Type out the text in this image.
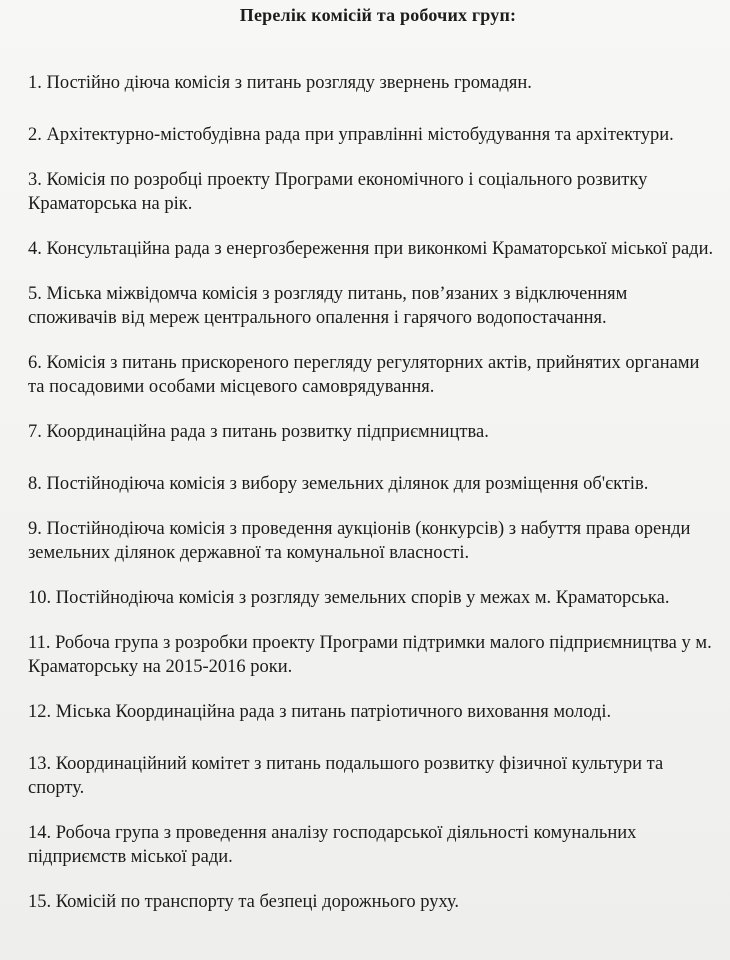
Перелік комісій та робочих груп:
1. Постійно діюча комісія з питань розгляду звернень громадян.
2. Архітектурно-містобудівна рада при управлінні містобудування та архітектури.
3. Комісія по розробці проекту Програми економічного і соціального розвитку Краматорська на рік.
4. Консультаційна рада з енергозбереження при виконкомі Краматорської міської ради.
5. Міська міжвідомча комісія з розгляду питань, пов’язаних з відключенням споживачів від мереж центрального опалення і гарячого водопостачання.
6. Комісія з питань прискореного перегляду регуляторних актів, прийнятих органами та посадовими особами місцевого самоврядування.
7. Координаційна рада з питань розвитку підприємництва.
8. Постійнодіюча комісія з вибору земельних ділянок для розміщення об'єктів.
9. Постійнодіюча комісія з проведення аукціонів (конкурсів) з набуття права оренди земельних ділянок державної та комунальної власності.
10. Постійнодіюча комісія з розгляду земельних спорів у межах м. Краматорська.
11. Робоча група з розробки проекту Програми підтримки малого підприємництва у м. Краматорську на 2015-2016 роки.
12. Міська Координаційна рада з питань патріотичного виховання молоді.
13. Координаційний комітет з питань подальшого розвитку фізичної культури та спорту.
14. Робоча група з проведення аналізу господарської діяльності комунальних підприємств міської ради.
15. Комісій по транспорту та безпеці дорожнього руху.
